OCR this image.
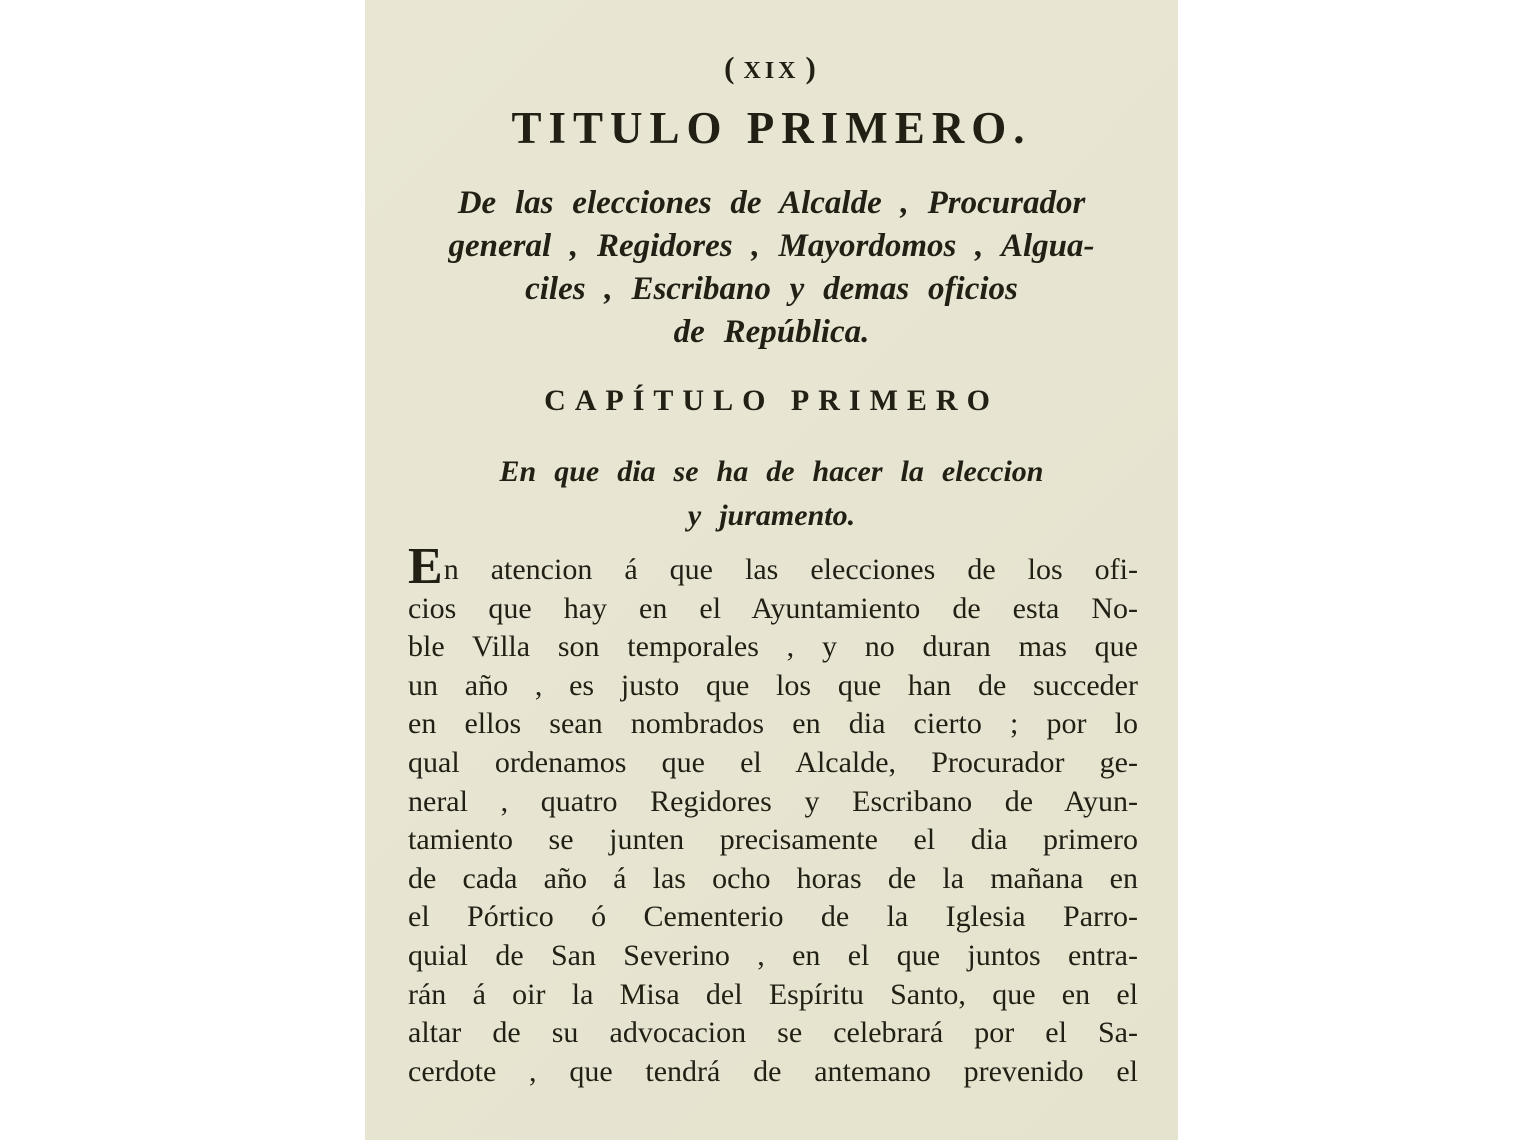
( XIX )
TITULO PRIMERO.
De las elecciones de Alcalde , Procurador
general , Regidores , Mayordomos , Algua-
ciles , Escribano y demas oficios
de República.
CAPÍTULO PRIMERO
En que dia se ha de hacer la eleccion
y juramento.
En atencion á que las elecciones de los ofi-
cios que hay en el Ayuntamiento de esta No-
ble Villa son temporales , y no duran mas que
un año , es justo que los que han de succeder
en ellos sean nombrados en dia cierto ; por lo
qual ordenamos que el Alcalde, Procurador ge-
neral , quatro Regidores y Escribano de Ayun-
tamiento se junten precisamente el dia primero
de cada año á las ocho horas de la mañana en
el Pórtico ó Cementerio de la Iglesia Parro-
quial de San Severino , en el que juntos entra-
rán á oir la Misa del Espíritu Santo, que en el
altar de su advocacion se celebrará por el Sa-
cerdote , que tendrá de antemano prevenido el
